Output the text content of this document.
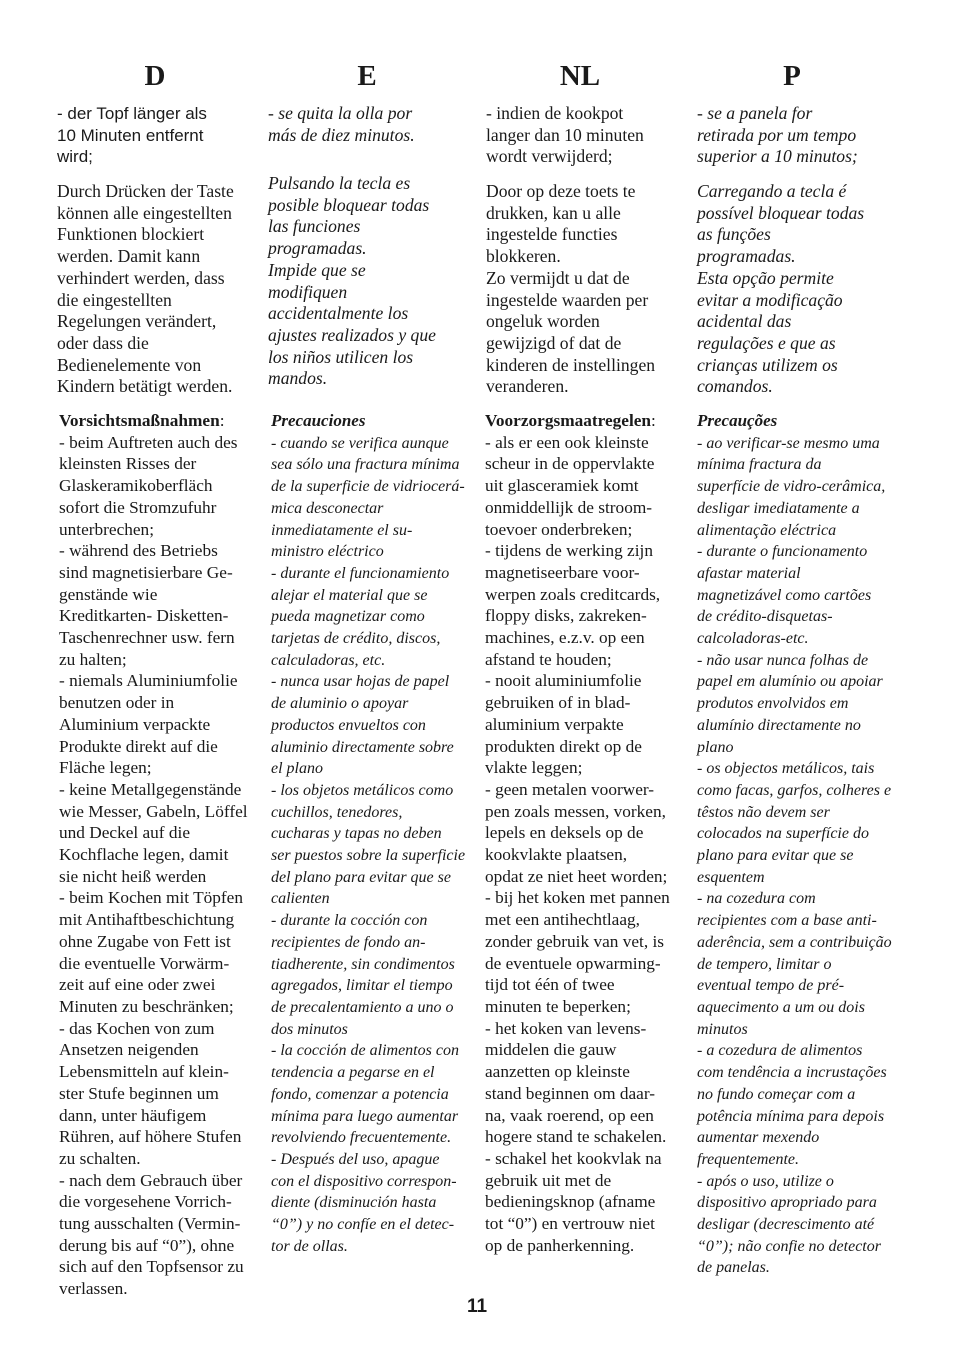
D

- der Topf länger als
10 Minuten entfernt
wird;

Durch Drücken der Taste
können alle eingestellten
Funktionen blockiert
werden. Damit kann
verhindert werden, dass
die eingestellten
Regelungen verändert,
oder dass die
Bedienelemente von
Kindern betätigt werden.

Vorsichtsmaßnahmen:
- beim Auftreten auch des
kleinsten Risses der
Glaskeramikoberfläch
sofort die Stromzufuhr
unterbrechen;
- während des Betriebs
sind magnetisierbare Ge-
genstände wie
Kreditkarten- Disketten-
Taschenrechner usw. fern
zu halten;
- niemals Aluminiumfolie
benutzen oder in
Aluminium verpackte
Produkte direkt auf die
Fläche legen;
- keine Metallgegenstände
wie Messer, Gabeln, Löffel
und Deckel auf die
Kochflache legen, damit
sie nicht heiß werden
- beim Kochen mit Töpfen
mit Antihaftbeschichtung
ohne Zugabe von Fett ist
die eventuelle Vorwärm-
zeit auf eine oder zwei
Minuten zu beschränken;
- das Kochen von zum
Ansetzen neigenden
Lebensmitteln auf klein-
ster Stufe beginnen um
dann, unter häufigem
Rühren, auf höhere Stufen
zu schalten.
- nach dem Gebrauch über
die vorgesehene Vorrich-
tung ausschalten (Vermin-
derung bis auf “0”), ohne
sich auf den Topfsensor zu
verlassen.
E

- se quita la olla por
más de diez minutos.

Pulsando la tecla es
posible bloquear todas
las funciones
programadas.
Impide que se
modifiquen
accidentalmente los
ajustes realizados y que
los niños utilicen los
mandos.

Precauciones
- cuando se verifica aunque
sea sólo una fractura mínima
de la superficie de vidriocerá-
mica desconectar
inmediatamente el su-
ministro eléctrico
- durante el funcionamiento
alejar el material que se
pueda magnetizar como
tarjetas de crédito, discos,
calculadoras, etc.
- nunca usar hojas de papel
de aluminio o apoyar
productos envueltos con
aluminio directamente sobre
el plano
- los objetos metálicos como
cuchillos, tenedores,
cucharas y tapas no deben
ser puestos sobre la superficie
del plano para evitar que se
calienten
- durante la cocción con
recipientes de fondo an-
tiadherente, sin condimentos
agregados, limitar el tiempo
de precalentamiento a uno o
dos minutos
- la cocción de alimentos con
tendencia a pegarse en el
fondo, comenzar a potencia
mínima para luego aumentar
revolviendo frecuentemente.
- Después del uso, apague
con el dispositivo correspon-
diente (disminución hasta
“0”) y no confíe en el detec-
tor de ollas.
NL

- indien de kookpot
langer dan 10 minuten
wordt verwijderd;

Door op deze toets te
drukken, kan u alle
ingestelde functies
blokkeren.
Zo vermijdt u dat de
ingestelde waarden per
ongeluk worden
gewijzigd of dat de
kinderen de instellingen
veranderen.

Voorzorgsmaatregelen:
- als er een ook kleinste
scheur in de oppervlakte
uit glasceramiek komt
onmiddellijk de stroom-
toevoer onderbreken;
- tijdens de werking zijn
magnetiseerbare voor-
werpen zoals creditcards,
floppy disks, zakreken-
machines, e.z.v. op een
afstand te houden;
- nooit aluminiumfolie
gebruiken of in blad-
aluminium verpakte
produkten direkt op de
vlakte leggen;
- geen metalen voorwer-
pen zoals messen, vorken,
lepels en deksels op de
kookvlakte plaatsen,
opdat ze niet heet worden;
- bij het koken met pannen
met een antihechtlaag,
zonder gebruik van vet, is
de eventuele opwarming-
tijd tot één of twee
minuten te beperken;
- het koken van levens-
middelen die gauw
aanzetten op kleinste
stand beginnen om daar-
na, vaak roerend, op een
hogere stand te schakelen.
- schakel het kookvlak na
gebruik uit met de
bedieningsknop (afname
tot “0”) en vertrouw niet
op de panherkenning.
P

- se a panela for
retirada por um tempo
superior a 10 minutos;

Carregando a tecla é
possível bloquear todas
as funções
programadas.
Esta opção permite
evitar a modificação
acidental das
regulações e que as
crianças utilizem os
comandos.

Precauções
- ao verificar-se mesmo uma
mínima fractura da
superfície de vidro-cerâmica,
desligar imediatamente a
alimentação eléctrica
- durante o funcionamento
afastar material
magnetizável como cartões
de crédito-disquetas-
calcoladoras-etc.
- não usar nunca folhas de
papel em alumínio ou apoiar
produtos envolvidos em
alumínio directamente no
plano
- os objectos metálicos, tais
como facas, garfos, colheres e
têstos não devem ser
colocados na superfície do
plano para evitar que se
esquentem
- na cozedura com
recipientes com a base anti-
aderência, sem a contribuição
de tempero, limitar o
eventual tempo de pré-
aquecimento a um ou dois
minutos
- a cozedura de alimentos
com tendência a incrustações
no fundo começar com a
potência mínima para depois
aumentar mexendo
frequentemente.
- após o uso, utilize o
dispositivo apropriado para
desligar (decrescimento até
“0”); não confie no detector
de panelas.
11
